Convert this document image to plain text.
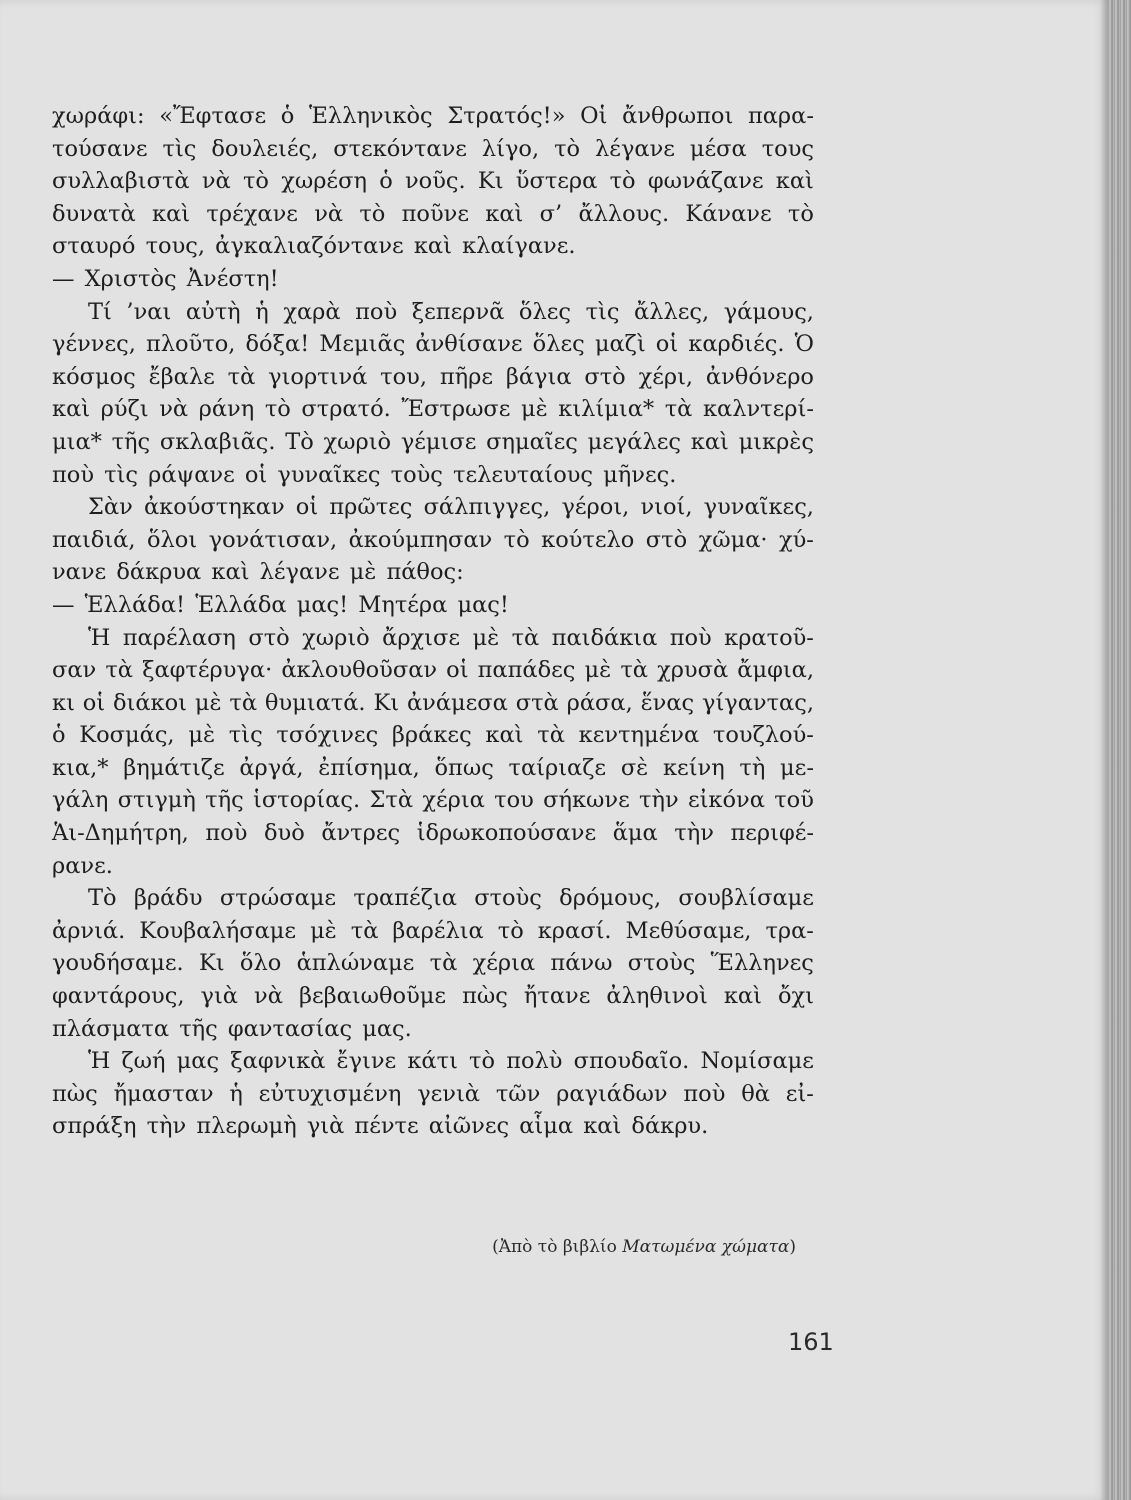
χωράφι: «Ἔφτασε ὁ Ἑλληνικὸς Στρατός!» Οἱ ἄνθρωποι παρα-
τούσανε τὶς δουλειές, στεκόντανε λίγο, τὸ λέγανε μέσα τους
συλλαβιστὰ νὰ τὸ χωρέση ὁ νοῦς. Κι ὕστερα τὸ φωνάζανε καὶ
δυνατὰ καὶ τρέχανε νὰ τὸ ποῦνε καὶ σ’ ἄλλους. Κάνανε τὸ
σταυρό τους, ἀγκαλιαζόντανε καὶ κλαίγανε.
— Χριστὸς Ἀνέστη!
Τί ’ναι αὐτὴ ἡ χαρὰ ποὺ ξεπερνᾶ ὅλες τὶς ἄλλες, γάμους,
γέννες, πλοῦτο, δόξα! Μεμιᾶς ἀνθίσανε ὅλες μαζὶ οἱ καρδιές. Ὁ
κόσμος ἔβαλε τὰ γιορτινά του, πῆρε βάγια στὸ χέρι, ἀνθόνερο
καὶ ρύζι νὰ ράνη τὸ στρατό. Ἔστρωσε μὲ κιλίμια* τὰ καλντερί-
μια* τῆς σκλαβιᾶς. Τὸ χωριὸ γέμισε σημαῖες μεγάλες καὶ μικρὲς
ποὺ τὶς ράψανε οἱ γυναῖκες τοὺς τελευταίους μῆνες.
Σὰν ἀκούστηκαν οἱ πρῶτες σάλπιγγες, γέροι, νιοί, γυναῖκες,
παιδιά, ὅλοι γονάτισαν, ἀκούμπησαν τὸ κούτελο στὸ χῶμα· χύ-
νανε δάκρυα καὶ λέγανε μὲ πάθος:
— Ἑλλάδα! Ἑλλάδα μας! Μητέρα μας!
Ἡ παρέλαση στὸ χωριὸ ἄρχισε μὲ τὰ παιδάκια ποὺ κρατοῦ-
σαν τὰ ξαφτέρυγα· ἀκλουθοῦσαν οἱ παπάδες μὲ τὰ χρυσὰ ἄμφια,
κι οἱ διάκοι μὲ τὰ θυμιατά. Κι ἀνάμεσα στὰ ράσα, ἕνας γίγαντας,
ὁ Κοσμάς, μὲ τὶς τσόχινες βράκες καὶ τὰ κεντημένα τουζλού-
κια,* βημάτιζε ἀργά, ἐπίσημα, ὅπως ταίριαζε σὲ κείνη τὴ με-
γάλη στιγμὴ τῆς ἱστορίας. Στὰ χέρια του σήκωνε τὴν εἰκόνα τοῦ
Ἁι-Δημήτρη, ποὺ δυὸ ἄντρες ἱδρωκοπούσανε ἅμα τὴν περιφέ-
ρανε.
Τὸ βράδυ στρώσαμε τραπέζια στοὺς δρόμους, σουβλίσαμε
ἀρνιά. Κουβαλήσαμε μὲ τὰ βαρέλια τὸ κρασί. Μεθύσαμε, τρα-
γουδήσαμε. Κι ὅλο ἁπλώναμε τὰ χέρια πάνω στοὺς Ἕλληνες
φαντάρους, γιὰ νὰ βεβαιωθοῦμε πὼς ἤτανε ἀληθινοὶ καὶ ὄχι
πλάσματα τῆς φαντασίας μας.
Ἡ ζωή μας ξαφνικὰ ἔγινε κάτι τὸ πολὺ σπουδαῖο. Νομίσαμε
πὼς ἤμασταν ἡ εὐτυχισμένη γενιὰ τῶν ραγιάδων ποὺ θὰ εἰ-
σπράξη τὴν πλερωμὴ γιὰ πέντε αἰῶνες αἷμα καὶ δάκρυ.
(Ἀπὸ τὸ βιβλίο Ματωμένα χώματα)
161
